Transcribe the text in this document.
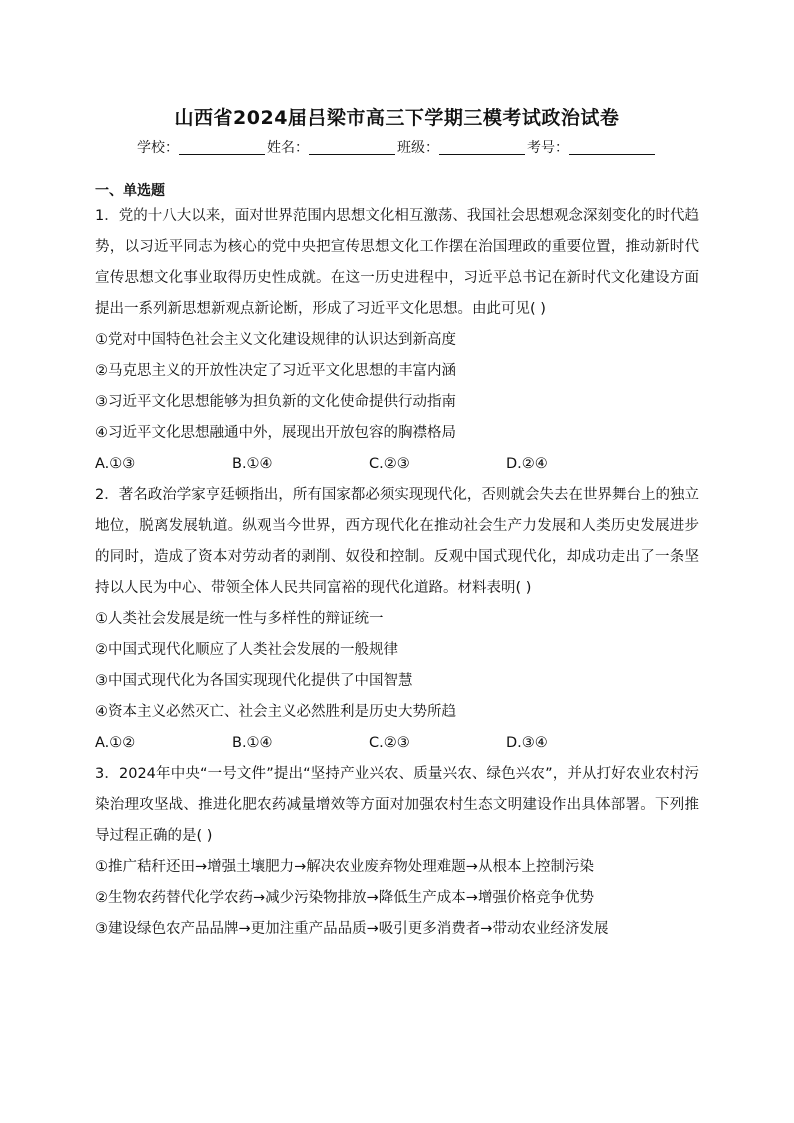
山西省2024届吕梁市高三下学期三模考试政治试卷
学校：	姓名：	班级：	考号：
一、单选题

1．党的十八大以来，面对世界范围内思想文化相互激荡、我国社会思想观念深刻变化的时代趋势，以习近平同志为核心的党中央把宣传思想文化工作摆在治国理政的重要位置，推动新时代宣传思想文化事业取得历史性成就。在这一历史进程中，习近平总书记在新时代文化建设方面提出一系列新思想新观点新论断，形成了习近平文化思想。由此可见( )

①党对中国特色社会主义文化建设规律的认识达到新高度

②马克思主义的开放性决定了习近平文化思想的丰富内涵

③习近平文化思想能够为担负新的文化使命提供行动指南

④习近平文化思想融通中外，展现出开放包容的胸襟格局

A.①③	B.①④	C.②③	D.②④

2．著名政治学家亨廷顿指出，所有国家都必须实现现代化，否则就会失去在世界舞台上的独立地位，脱离发展轨道。纵观当今世界，西方现代化在推动社会生产力发展和人类历史发展进步的同时，造成了资本对劳动者的剥削、奴役和控制。反观中国式现代化，却成功走出了一条坚持以人民为中心、带领全体人民共同富裕的现代化道路。材料表明( )

①人类社会发展是统一性与多样性的辩证统一

②中国式现代化顺应了人类社会发展的一般规律

③中国式现代化为各国实现现代化提供了中国智慧

④资本主义必然灭亡、社会主义必然胜利是历史大势所趋

A.①②	B.①④	C.②③	D.③④

3．2024年中央“一号文件”提出“坚持产业兴农、质量兴农、绿色兴农”，并从打好农业农村污染治理攻坚战、推进化肥农药减量增效等方面对加强农村生态文明建设作出具体部署。下列推导过程正确的是( )

①推广秸秆还田→增强土壤肥力→解决农业废弃物处理难题→从根本上控制污染

②生物农药替代化学农药→减少污染物排放→降低生产成本→增强价格竞争优势

③建设绿色农产品品牌→更加注重产品品质→吸引更多消费者→带动农业经济发展
